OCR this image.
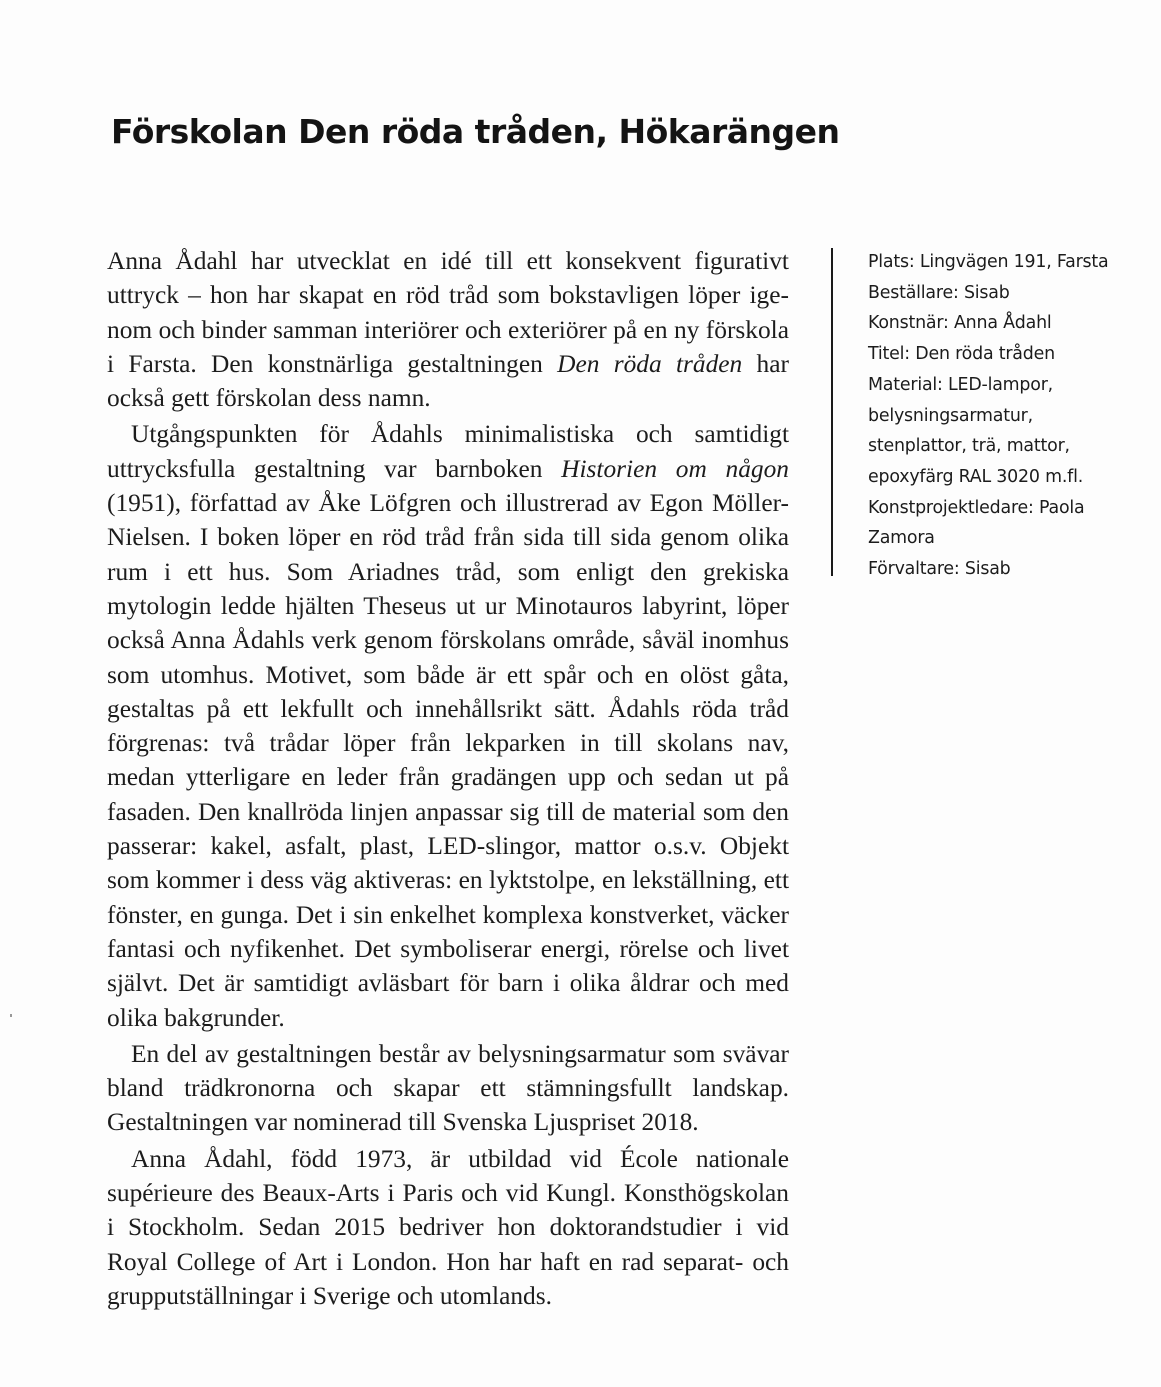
Förskolan Den röda tråden, Hökarängen

Anna Ådahl har utvecklat en idé till ett konsekvent figurativt uttryck – hon har skapat en röd tråd som bokstavligen löper igenom och binder samman interiörer och exteriörer på en ny förskola i Farsta. Den konstnärliga gestaltningen Den röda tråden har också gett förskolan dess namn.

Utgångspunkten för Ådahls minimalistiska och samtidigt uttrycksfulla gestaltning var barnboken Historien om någon (1951), författad av Åke Löfgren och illustrerad av Egon Möller-Nielsen. I boken löper en röd tråd från sida till sida genom olika rum i ett hus. Som Ariadnes tråd, som enligt den grekiska mytologin ledde hjälten Theseus ut ur Minotauros labyrint, löper också Anna Ådahls verk genom förskolans område, såväl inomhus som utomhus. Motivet, som både är ett spår och en olöst gåta, gestaltas på ett lekfullt och innehållsrikt sätt. Ådahls röda tråd förgrenas: två trådar löper från lekparken in till skolans nav, medan ytterligare en leder från gradängen upp och sedan ut på fasaden. Den knallröda linjen anpassar sig till de material som den passerar: kakel, asfalt, plast, LED-slingor, mattor o.s.v. Objekt som kommer i dess väg aktiveras: en lyktstolpe, en lekställning, ett fönster, en gunga. Det i sin enkelhet komplexa konstverket, väcker fantasi och nyfikenhet. Det symboliserar energi, rörelse och livet självt. Det är samtidigt avläsbart för barn i olika åldrar och med olika bakgrunder.

En del av gestaltningen består av belysningsarmatur som svävar bland trädkronorna och skapar ett stämningsfullt landskap. Gestaltningen var nominerad till Svenska Ljuspriset 2018.

Anna Ådahl, född 1973, är utbildad vid École nationale supérieure des Beaux-Arts i Paris och vid Kungl. Konsthögskolan i Stockholm. Sedan 2015 bedriver hon doktorandstudier i vid Royal College of Art i London. Hon har haft en rad separat- och grupputställningar i Sverige och utomlands.

Plats: Lingvägen 191, Farsta
Beställare: Sisab
Konstnär: Anna Ådahl
Titel: Den röda tråden
Material: LED-lampor,
belysningsarmatur,
stenplattor, trä, mattor,
epoxyfärg RAL 3020 m.fl.
Konstprojektledare: Paola
Zamora
Förvaltare: Sisab
